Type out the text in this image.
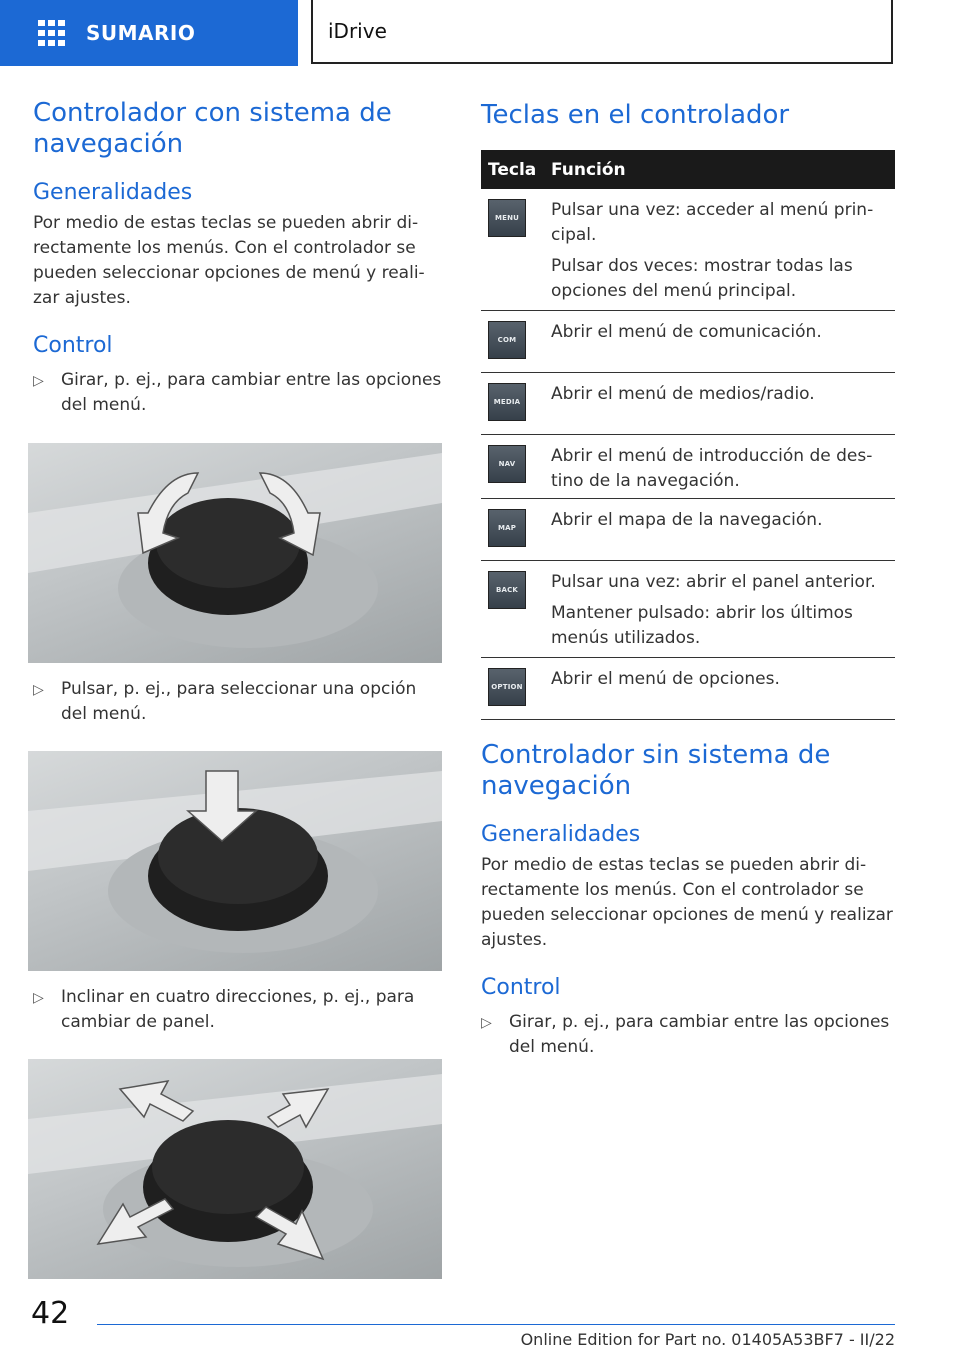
SUMARIO	iDrive
Controlador con sistema de navegación
Generalidades

Por medio de estas teclas se pueden abrir directamente los menús. Con el controlador se pueden seleccionar opciones de menú y realizar ajustes.

Control
▷	Girar, p. ej., para cambiar entre las opciones del menú.
▷	Pulsar, p. ej., para seleccionar una opción del menú.
▷	Inclinar en cuatro direcciones, p. ej., para cambiar de panel.
Teclas en el controlador
Tecla Función
MENU	Pulsar una vez: acceder al menú principal.
Pulsar dos veces: mostrar todas las opciones del menú principal.
COM	Abrir el menú de comunicación.
MEDIA	Abrir el menú de medios/radio.
NAV	Abrir el menú de introducción de destino de la navegación.
MAP	Abrir el mapa de la navegación.
BACK	Pulsar una vez: abrir el panel anterior.
Mantener pulsado: abrir los últimos menús utilizados.
OPTION Abrir el menú de opciones.
Controlador sin sistema de navegación
Generalidades

Por medio de estas teclas se pueden abrir directamente los menús. Con el controlador se pueden seleccionar opciones de menú y realizar ajustes.

Control
▷	Girar, p. ej., para cambiar entre las opciones del menú.
42
Online Edition for Part no. 01405A53BF7 - II/22
